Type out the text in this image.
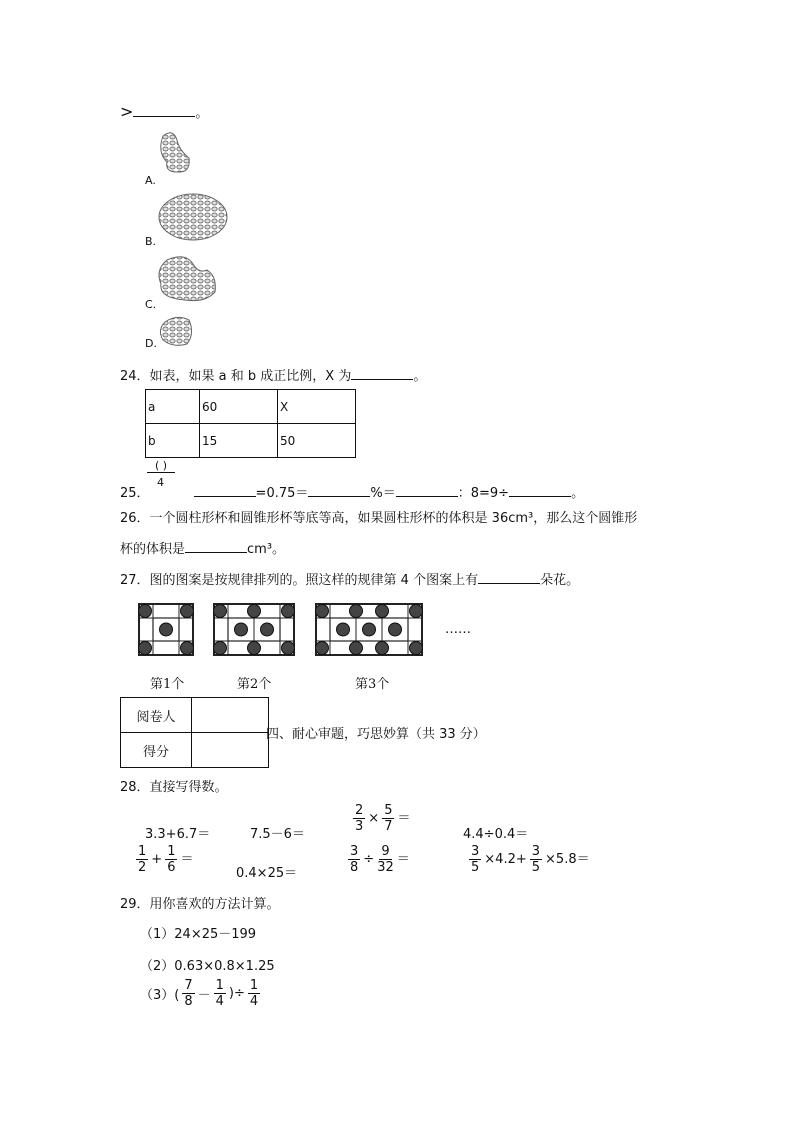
>	。
A.
B.
C.
D.
24．如表，如果 a 和 b 成正比例，X 为	。
a	60	X
b	15	50
( )
4
25．	=0.75＝	%＝	：8=9÷	。
26．一个圆柱形杯和圆锥形杯等底等高，如果圆柱形杯的体积是 36cm³，那么这个圆锥形
杯的体积是	cm³。
27．图的图案是按规律排列的。照这样的规律第 4 个图案上有	朵花。
……
第1个	第2个	第3个
阅卷人	
得分	
四、耐心审题，巧思妙算（共 33 分）
28．直接写得数。
3.3+6.7＝	7.5－6＝
$\frac{2}{3} \times \frac{5}{7}$ ＝
4.4÷0.4＝
$\frac{1}{2} + \frac{1}{6}$ ＝
0.4×25＝	$\frac{3}{8} \div \frac{9}{32}$ ＝	$\frac{3}{5} \times 4.2+ \frac{3}{5} \times 5.8=$
29．用你喜欢的方法计算。
（1）24×25－199
（2）0.63×0.8×1.25
$(3)( \frac{7}{8} - \frac{1}{4}$ )÷ $\frac{1}{4}$
